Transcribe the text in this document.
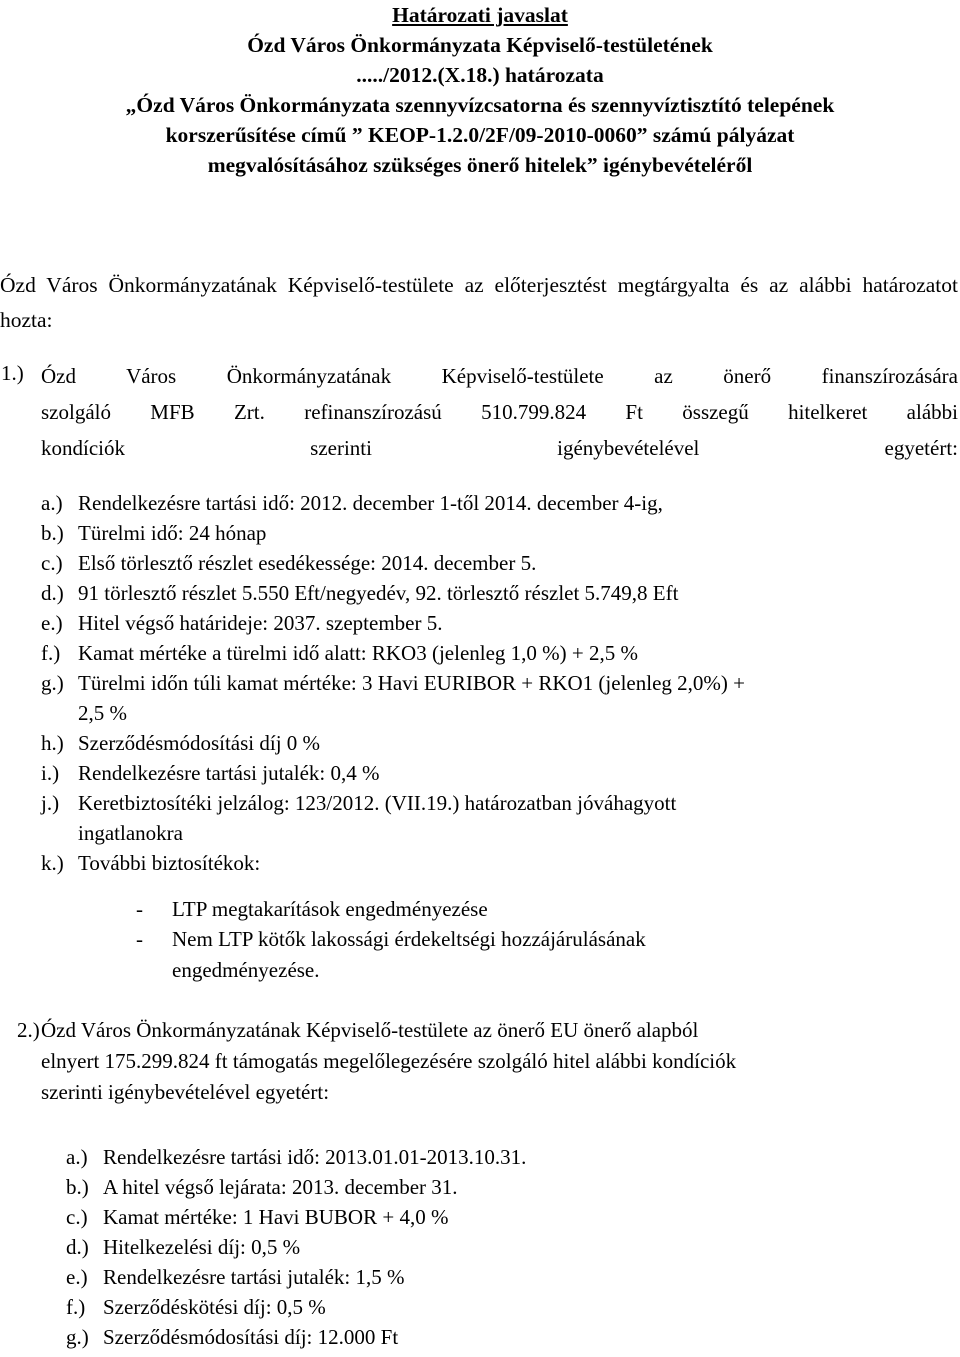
Határozati javaslat
Ózd Város Önkormányzata Képviselő-testületének
...../2012.(X.18.) határozata
„Ózd Város Önkormányzata szennyvízcsatorna és szennyvíztisztító telepének
korszerűsítése című ” KEOP-1.2.0/2F/09-2010-0060” számú pályázat
megvalósításához szükséges önerő hitelek” igénybevételéről
Ózd Város Önkormányzatának Képviselő-testülete az előterjesztést megtárgyalta és az alábbi határozatot hozta:
1.) Ózd Város Önkormányzatának Képviselő-testülete az önerő finanszírozására
szolgáló MFB Zrt. refinanszírozású 510.799.824 Ft összegű hitelkeret alábbi
kondíciók szerinti igénybevételével egyetért:
a.) Rendelkezésre tartási idő: 2012. december 1-től 2014. december 4-ig,
b.) Türelmi idő: 24 hónap
c.) Első törlesztő részlet esedékessége: 2014. december 5.
d.) 91 törlesztő részlet 5.550 Eft/negyedév, 92. törlesztő részlet 5.749,8 Eft
e.) Hitel végső határideje: 2037. szeptember 5.
f.) Kamat mértéke a türelmi idő alatt: RKO3 (jelenleg 1,0 %) + 2,5 %
g.) Türelmi időn túli kamat mértéke: 3 Havi EURIBOR + RKO1 (jelenleg 2,0%) +
2,5 %
h.) Szerződésmódosítási díj 0 %
i.) Rendelkezésre tartási jutalék: 0,4 %
j.) Keretbiztosítéki jelzálog: 123/2012. (VII.19.) határozatban jóváhagyott
ingatlanokra
k.) További biztosítékok:
- LTP megtakarítások engedményezése
- Nem LTP kötők lakossági érdekeltségi hozzájárulásának
engedményezése.
2.) Ózd Város Önkormányzatának Képviselő-testülete az önerő EU önerő alapból
elnyert 175.299.824 ft támogatás megelőlegezésére szolgáló hitel alábbi kondíciók
szerinti igénybevételével egyetért:
a.) Rendelkezésre tartási idő: 2013.01.01-2013.10.31.
b.) A hitel végső lejárata: 2013. december 31.
c.) Kamat mértéke: 1 Havi BUBOR + 4,0 %
d.) Hitelkezelési díj: 0,5 %
e.) Rendelkezésre tartási jutalék: 1,5 %
f.) Szerződéskötési díj: 0,5 %
g.) Szerződésmódosítási díj: 12.000 Ft
